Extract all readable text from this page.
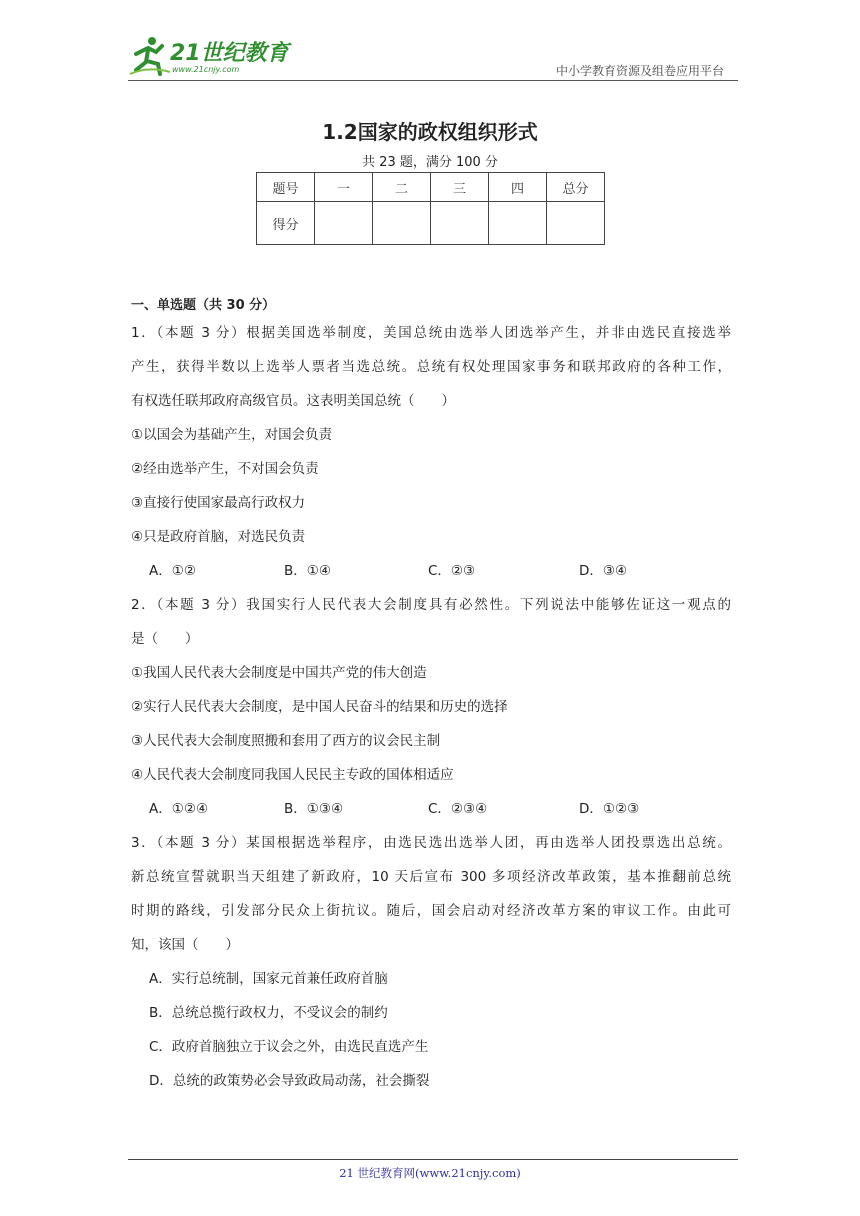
21世纪教育
www.21cnjy.com	中小学教育资源及组卷应用平台
1.2国家的政权组织形式
共 23 题，满分 100 分
题号	一	二	三	四	总分
得分					
一、单选题（共 30 分）
1．（本题 3 分）根据美国选举制度，美国总统由选举人团选举产生，并非由选民直接选举
产生，获得半数以上选举人票者当选总统。总统有权处理国家事务和联邦政府的各种工作，
有权选任联邦政府高级官员。这表明美国总统（　　）
①以国会为基础产生，对国会负责
②经由选举产生，不对国会负责
③直接行使国家最高行政权力
④只是政府首脑，对选民负责
A．①②	B．①④	C．②③	D．③④
2．（本题 3 分）我国实行人民代表大会制度具有必然性。下列说法中能够佐证这一观点的
是（　　）
①我国人民代表大会制度是中国共产党的伟大创造
②实行人民代表大会制度，是中国人民奋斗的结果和历史的选择
③人民代表大会制度照搬和套用了西方的议会民主制
④人民代表大会制度同我国人民民主专政的国体相适应
A．①②④	B．①③④	C．②③④	D．①②③
3．（本题 3 分）某国根据选举程序，由选民选出选举人团，再由选举人团投票选出总统。
新总统宣誓就职当天组建了新政府，10 天后宣布 300 多项经济改革政策，基本推翻前总统
时期的路线，引发部分民众上街抗议。随后，国会启动对经济改革方案的审议工作。由此可
知，该国（　　）
A．实行总统制，国家元首兼任政府首脑
B．总统总揽行政权力，不受议会的制约
C．政府首脑独立于议会之外，由选民直选产生
D．总统的政策势必会导致政局动荡，社会撕裂
21 世纪教育网(www.21cnjy.com)
